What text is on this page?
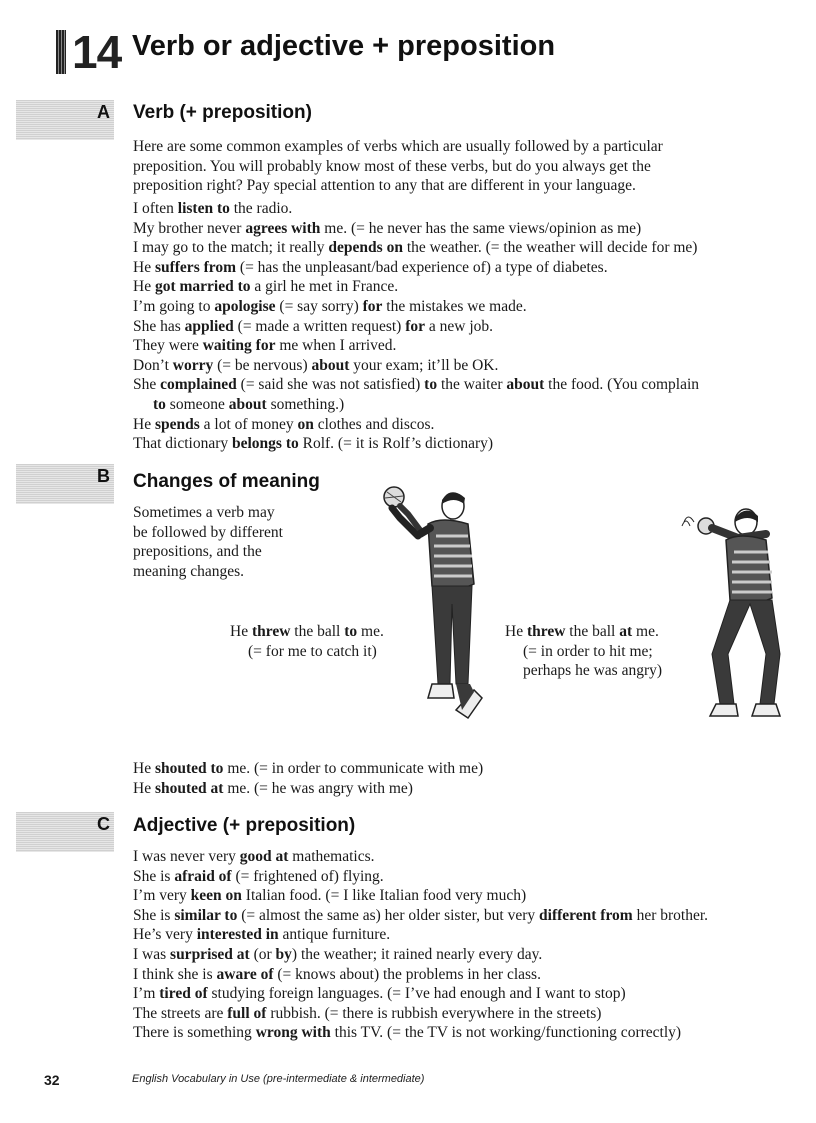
14 Verb or adjective + preposition
A Verb (+ preposition)
Here are some common examples of verbs which are usually followed by a particular
preposition. You will probably know most of these verbs, but do you always get the
preposition right? Pay special attention to any that are different in your language.
I often listen to the radio.
My brother never agrees with me. (= he never has the same views/opinion as me)
I may go to the match; it really depends on the weather. (= the weather will decide for me)
He suffers from (= has the unpleasant/bad experience of) a type of diabetes.
He got married to a girl he met in France.
I’m going to apologise (= say sorry) for the mistakes we made.
She has applied (= made a written request) for a new job.
They were waiting for me when I arrived.
Don’t worry (= be nervous) about your exam; it’ll be OK.
She complained (= said she was not satisfied) to the waiter about the food. (You complain
to someone about something.)
He spends a lot of money on clothes and discos.
That dictionary belongs to Rolf. (= it is Rolf’s dictionary)
B Changes of meaning
Sometimes a verb may
be followed by different
prepositions, and the
meaning changes.
He threw the ball to me.
(= for me to catch it)
He threw the ball at me.
(= in order to hit me;
perhaps he was angry)
He shouted to me. (= in order to communicate with me)
He shouted at me. (= he was angry with me)
C Adjective (+ preposition)
I was never very good at mathematics.
She is afraid of (= frightened of) flying.
I’m very keen on Italian food. (= I like Italian food very much)
She is similar to (= almost the same as) her older sister, but very different from her brother.
He’s very interested in antique furniture.
I was surprised at (or by) the weather; it rained nearly every day.
I think she is aware of (= knows about) the problems in her class.
I’m tired of studying foreign languages. (= I’ve had enough and I want to stop)
The streets are full of rubbish. (= there is rubbish everywhere in the streets)
There is something wrong with this TV. (= the TV is not working/functioning correctly)
32	English Vocabulary in Use (pre-intermediate & intermediate)
